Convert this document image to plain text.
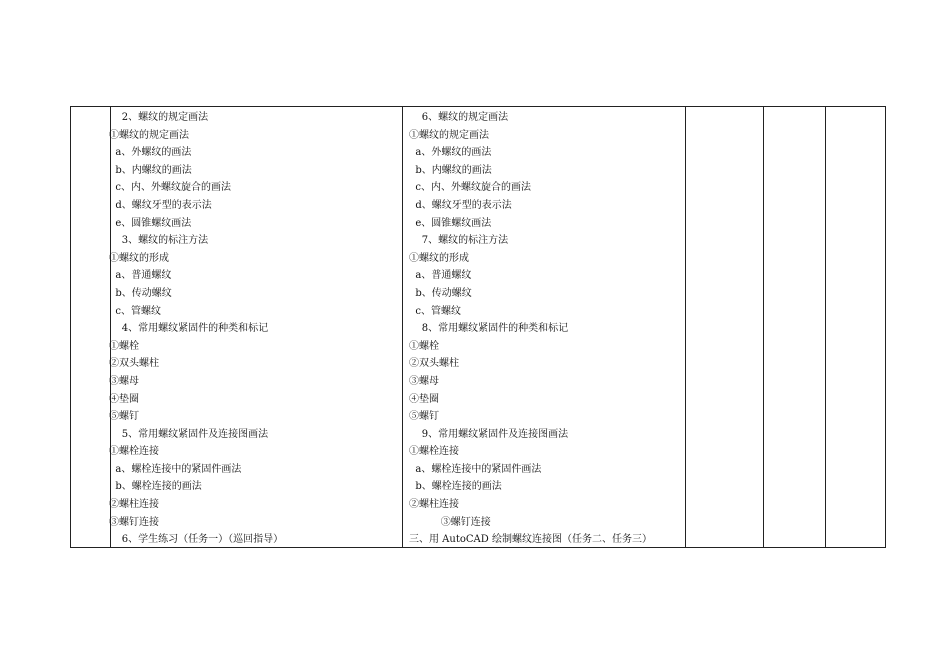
2、螺纹的规定画法
①螺纹的规定画法
a、外螺纹的画法
b、内螺纹的画法
c、内、外螺纹旋合的画法
d、螺纹牙型的表示法
e、圆锥螺纹画法
3、螺纹的标注方法
①螺纹的形成
a、普通螺纹
b、传动螺纹
c、管螺纹
4、常用螺纹紧固件的种类和标记
①螺栓
②双头螺柱
③螺母
④垫圈
⑤螺钉
5、常用螺纹紧固件及连接图画法
①螺栓连接
a、螺栓连接中的紧固件画法
b、螺栓连接的画法
②螺柱连接
③螺钉连接
6、学生练习（任务一）（巡回指导）
6、螺纹的规定画法
①螺纹的规定画法
a、外螺纹的画法
b、内螺纹的画法
c、内、外螺纹旋合的画法
d、螺纹牙型的表示法
e、圆锥螺纹画法
7、螺纹的标注方法
①螺纹的形成
a、普通螺纹
b、传动螺纹
c、管螺纹
8、常用螺纹紧固件的种类和标记
①螺栓
②双头螺柱
③螺母
④垫圈
⑤螺钉
9、常用螺纹紧固件及连接图画法
①螺栓连接
a、螺栓连接中的紧固件画法
b、螺栓连接的画法
②螺柱连接
③螺钉连接
三、用 AutoCAD 绘制螺纹连接图（任务二、任务三）
